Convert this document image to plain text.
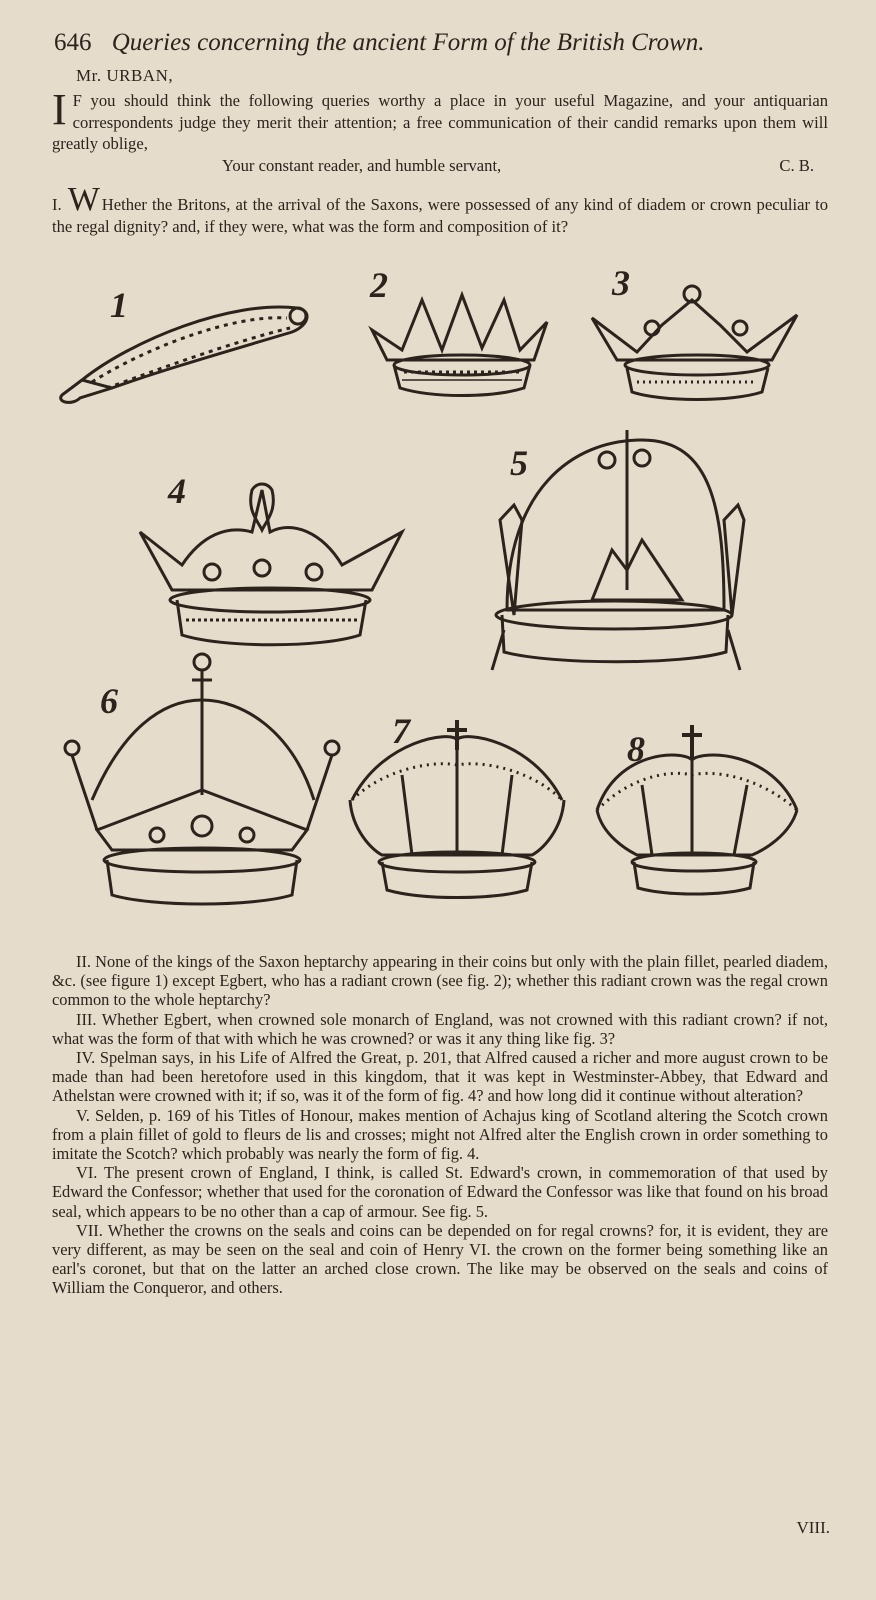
646 Queries concerning the ancient Form of the British Crown.
Mr. URBAN,
I F you should think the following queries worthy a place in your useful Magazine, and your antiquarian correspondents judge they merit their attention; a free communication of their candid remarks upon them will greatly oblige,
Your constant reader, and humble servant,	C. B.
I. W Hether the Britons, at the arrival of the Saxons, were possessed of any kind of diadem or crown peculiar to the regal dignity? and, if they were, what was the form and composition of it?
1	2	3
4
5
6
7	8

II. None of the kings of the Saxon heptarchy appearing in their coins but only with the plain fillet, pearled diadem, &c. (see figure 1) except Egbert, who has a radiant crown (see fig. 2); whether this radiant crown was the regal crown common to the whole heptarchy?

III. Whether Egbert, when crowned sole monarch of England, was not crowned with this radiant crown? if not, what was the form of that with which he was crowned? or was it any thing like fig. 3?

IV. Spelman says, in his Life of Alfred the Great, p. 201, that Alfred caused a richer and more august crown to be made than had been heretofore used in this kingdom, that it was kept in Westminster-Abbey, that Edward and Athelstan were crowned with it; if so, was it of the form of fig. 4? and how long did it continue without alteration?

V. Selden, p. 169 of his Titles of Honour, makes mention of Achajus king of Scotland altering the Scotch crown from a plain fillet of gold to fleurs de lis and crosses; might not Alfred alter the English crown in order something to imitate the Scotch? which probably was nearly the form of fig. 4.

VI. The present crown of England, I think, is called St. Edward's crown, in commemoration of that used by Edward the Confessor; whether that used for the coronation of Edward the Confessor was like that found on his broad seal, which appears to be no other than a cap of armour. See fig. 5.

VII. Whether the crowns on the seals and coins can be depended on for regal crowns? for, it is evident, they are very different, as may be seen on the seal and coin of Henry VI. the crown on the former being something like an earl's coronet, but that on the latter an arched close crown. The like may be observed on the seals and coins of William the Conqueror, and others.

VIII.
